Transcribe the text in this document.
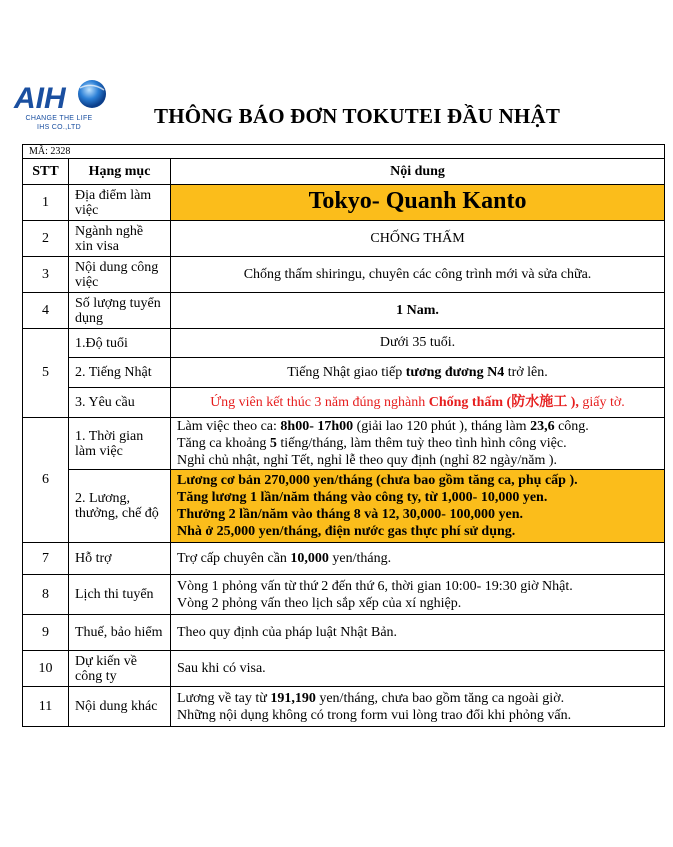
AIH
CHANGE THE LIFE
IHS CO.,LTD	THÔNG BÁO ĐƠN TOKUTEI ĐẦU NHẬT
MÃ: 2328		
STT	Hạng mục	Nội dung
1	Địa điểm làm việc	Tokyo- Quanh Kanto
2	Ngành nghề xin visa	CHỐNG THẤM
3	Nội dung công việc	Chống thấm shiringu, chuyên các công trình mới và sửa chữa.
4	Số lượng tuyển dụng	1 Nam.
5	1.Độ tuổi	Dưới 35 tuổi.
	2. Tiếng Nhật	Tiếng Nhật giao tiếp tương đương N4 trở lên.
	3. Yêu cầu	Ứng viên kết thúc 3 năm đúng nghành Chống thấm (防水施工 ), giấy tờ.
6	1. Thời gian làm việc	Làm việc theo ca: 8h00- 17h00 (giải lao 120 phút ), tháng làm 23,6 công.
Tăng ca khoảng 5 tiếng/tháng, làm thêm tuỳ theo tình hình công việc.
Nghỉ chủ nhật, nghỉ Tết, nghỉ lễ theo quy định (nghỉ 82 ngày/năm ).

	2. Lương, thưởng, chế độ	Lương cơ bản 270,000 yen/tháng (chưa bao gồm tăng ca, phụ cấp ).
Tăng lương 1 lần/năm tháng vào công ty, từ 1,000- 10,000 yen.
Thưởng 2 lần/năm vào tháng 8 và 12, 30,000- 100,000 yen.
Nhà ở 25,000 yen/tháng, điện nước gas thực phí sử dụng.

7	Hỗ trợ	Trợ cấp chuyên cần 10,000 yen/tháng.
8	Lịch thi tuyển	Vòng 1 phỏng vấn từ thứ 2 đến thứ 6, thời gian 10:00- 19:30 giờ Nhật.
Vòng 2 phỏng vấn theo lịch sắp xếp của xí nghiệp.

9	Thuế, bảo hiểm	Theo quy định của pháp luật Nhật Bản.
10	Dự kiến về công ty	Sau khi có visa.
11	Nội dung khác	Lương về tay từ 191,190 yen/tháng, chưa bao gồm tăng ca ngoài giờ.
Những nội dụng không có trong form vui lòng trao đổi khi phỏng vấn.
